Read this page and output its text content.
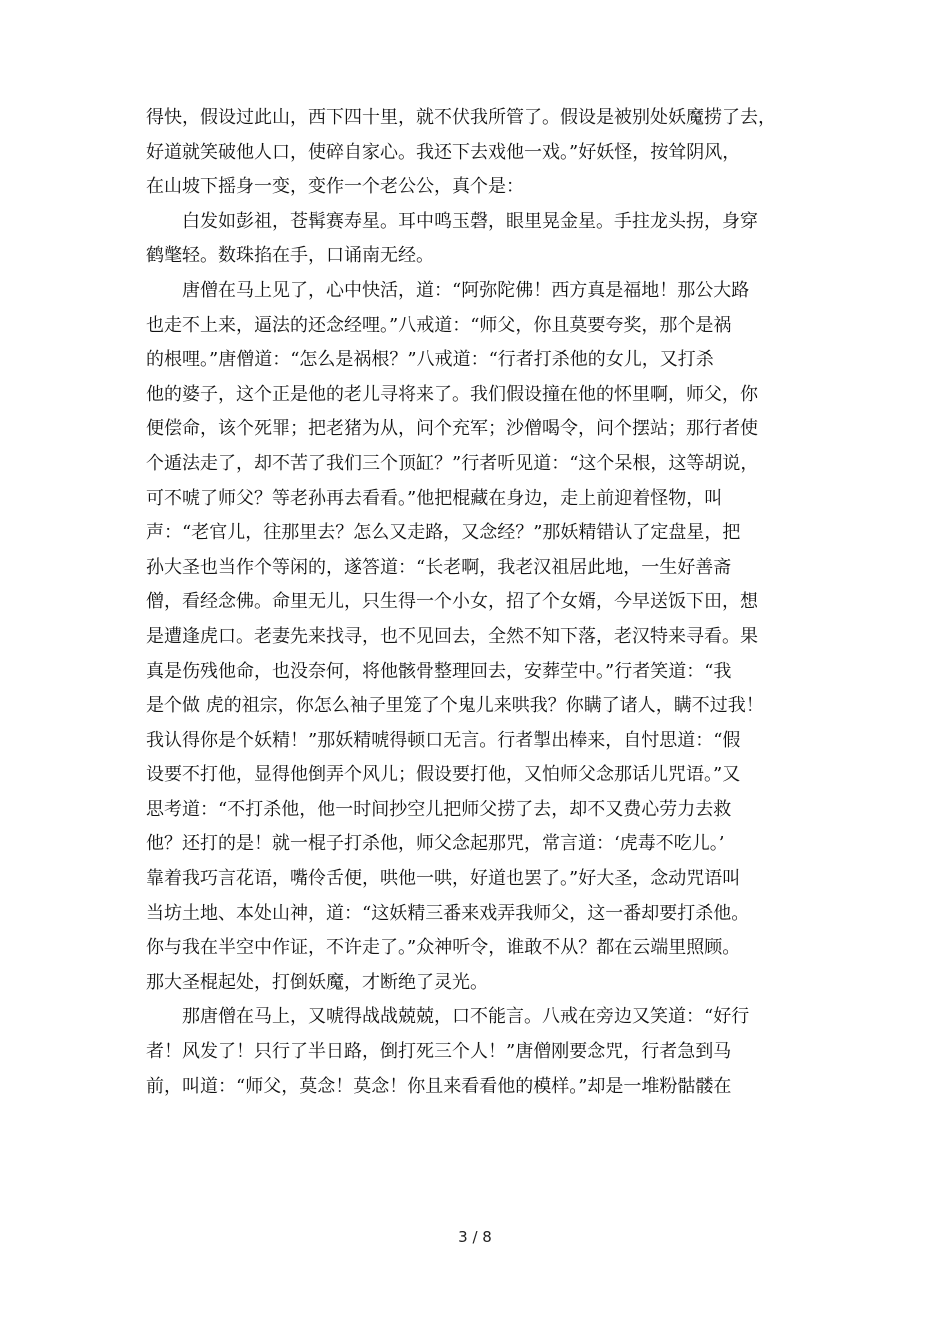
得快，假设过此山，西下四十里，就不伏我所管了。假设是被别处妖魔捞了去，
好道就笑破他人口，使碎自家心。我还下去戏他一戏。”好妖怪，按耸阴风，
在山坡下摇身一变，变作一个老公公，真个是：
　　白发如彭祖，苍髯赛寿星。耳中鸣玉磬，眼里晃金星。手拄龙头拐，身穿
鹤氅轻。数珠掐在手，口诵南无经。
　　唐僧在马上见了，心中快活，道：“阿弥陀佛！西方真是福地！那公大路
也走不上来，逼法的还念经哩。”八戒道：“师父，你且莫要夸奖，那个是祸
的根哩。”唐僧道：“怎么是祸根？”八戒道：“行者打杀他的女儿，又打杀
他的婆子，这个正是他的老儿寻将来了。我们假设撞在他的怀里啊，师父，你
便偿命，该个死罪；把老猪为从，问个充军；沙僧喝令，问个摆站；那行者使
个遁法走了，却不苦了我们三个顶缸？”行者听见道：“这个呆根，这等胡说，
可不唬了师父？等老孙再去看看。”他把棍藏在身边，走上前迎着怪物，叫
声：“老官儿，往那里去？怎么又走路，又念经？”那妖精错认了定盘星，把
孙大圣也当作个等闲的，遂答道：“长老啊，我老汉祖居此地，一生好善斋
僧，看经念佛。命里无儿，只生得一个小女，招了个女婿，今早送饭下田，想
是遭逢虎口。老妻先来找寻，也不见回去，全然不知下落，老汉特来寻看。果
真是伤残他命，也没奈何，将他骸骨整理回去，安葬茔中。”行者笑道：“我
是个做 虎的祖宗，你怎么袖子里笼了个鬼儿来哄我？你瞒了诸人，瞒不过我！
我认得你是个妖精！”那妖精唬得顿口无言。行者掣出棒来，自忖思道：“假
设要不打他，显得他倒弄个风儿；假设要打他，又怕师父念那话儿咒语。”又
思考道：“不打杀他，他一时间抄空儿把师父捞了去，却不又费心劳力去救
他？还打的是！就一棍子打杀他，师父念起那咒，常言道：‘虎毒不吃儿。’
靠着我巧言花语，嘴伶舌便，哄他一哄，好道也罢了。”好大圣，念动咒语叫
当坊土地、本处山神，道：“这妖精三番来戏弄我师父，这一番却要打杀他。
你与我在半空中作证，不许走了。”众神听令，谁敢不从？都在云端里照顾。
那大圣棍起处，打倒妖魔，才断绝了灵光。
　　那唐僧在马上，又唬得战战兢兢，口不能言。八戒在旁边又笑道：“好行
者！风发了！只行了半日路，倒打死三个人！”唐僧刚要念咒，行者急到马
前，叫道：“师父，莫念！莫念！你且来看看他的模样。”却是一堆粉骷髅在
3 / 8
